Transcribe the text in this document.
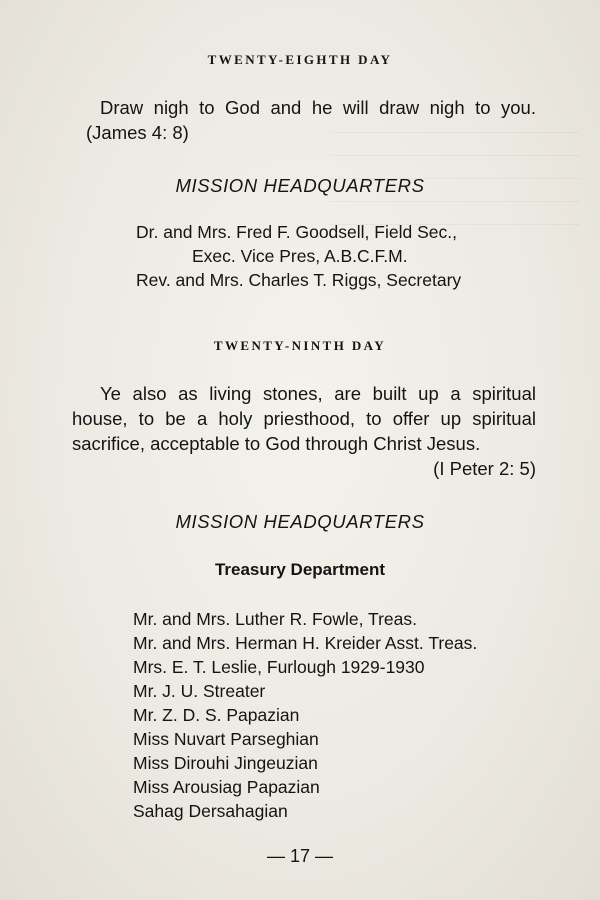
TWENTY-EIGHTH DAY
Draw nigh to God and he will draw nigh to you. (James 4: 8)
MISSION HEADQUARTERS
Dr. and Mrs. Fred F. Goodsell, Field Sec.,
Exec. Vice Pres, A.B.C.F.M.
Rev. and Mrs. Charles T. Riggs, Secretary
TWENTY-NINTH DAY
Ye also as living stones, are built up a spiritual house, to be a holy priesthood, to offer up spiritual sacrifice, acceptable to God through Christ Jesus.
(I Peter 2: 5)
MISSION HEADQUARTERS
Treasury Department
Mr. and Mrs. Luther R. Fowle, Treas.
Mr. and Mrs. Herman H. Kreider Asst. Treas.
Mrs. E. T. Leslie, Furlough 1929-1930
Mr. J. U. Streater
Mr. Z. D. S. Papazian
Miss Nuvart Parseghian
Miss Dirouhi Jingeuzian
Miss Arousiag Papazian
Sahag Dersahagian
— 17 —
